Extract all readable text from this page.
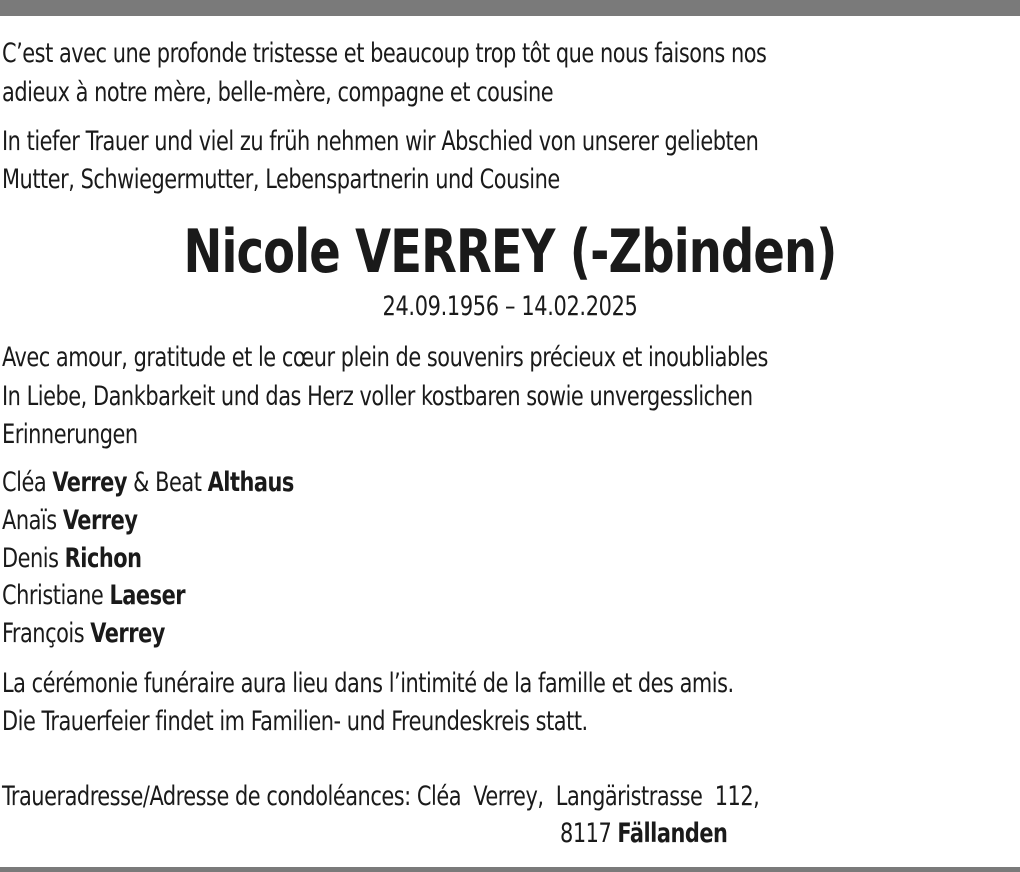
C’est avec une profonde tristesse et beaucoup trop tôt que nous faisons nos
adieux à notre mère, belle-mère, compagne et cousine
In tiefer Trauer und viel zu früh nehmen wir Abschied von unserer geliebten
Mutter, Schwiegermutter, Lebenspartnerin und Cousine
Nicole VERREY (-Zbinden)
24.09.1956 – 14.02.2025
Avec amour, gratitude et le cœur plein de souvenirs précieux et inoubliables
In Liebe, Dankbarkeit und das Herz voller kostbaren sowie unvergesslichen
Erinnerungen
Cléa Verrey & Beat Althaus
Anaïs Verrey
Denis Richon
Christiane Laeser
François Verrey
La cérémonie funéraire aura lieu dans l’intimité de la famille et des amis.
Die Trauerfeier findet im Familien- und Freundeskreis statt.
Traueradresse/Adresse de condoléances: Cléa  Verrey,  Langäristrasse  112,
8117 Fällanden
